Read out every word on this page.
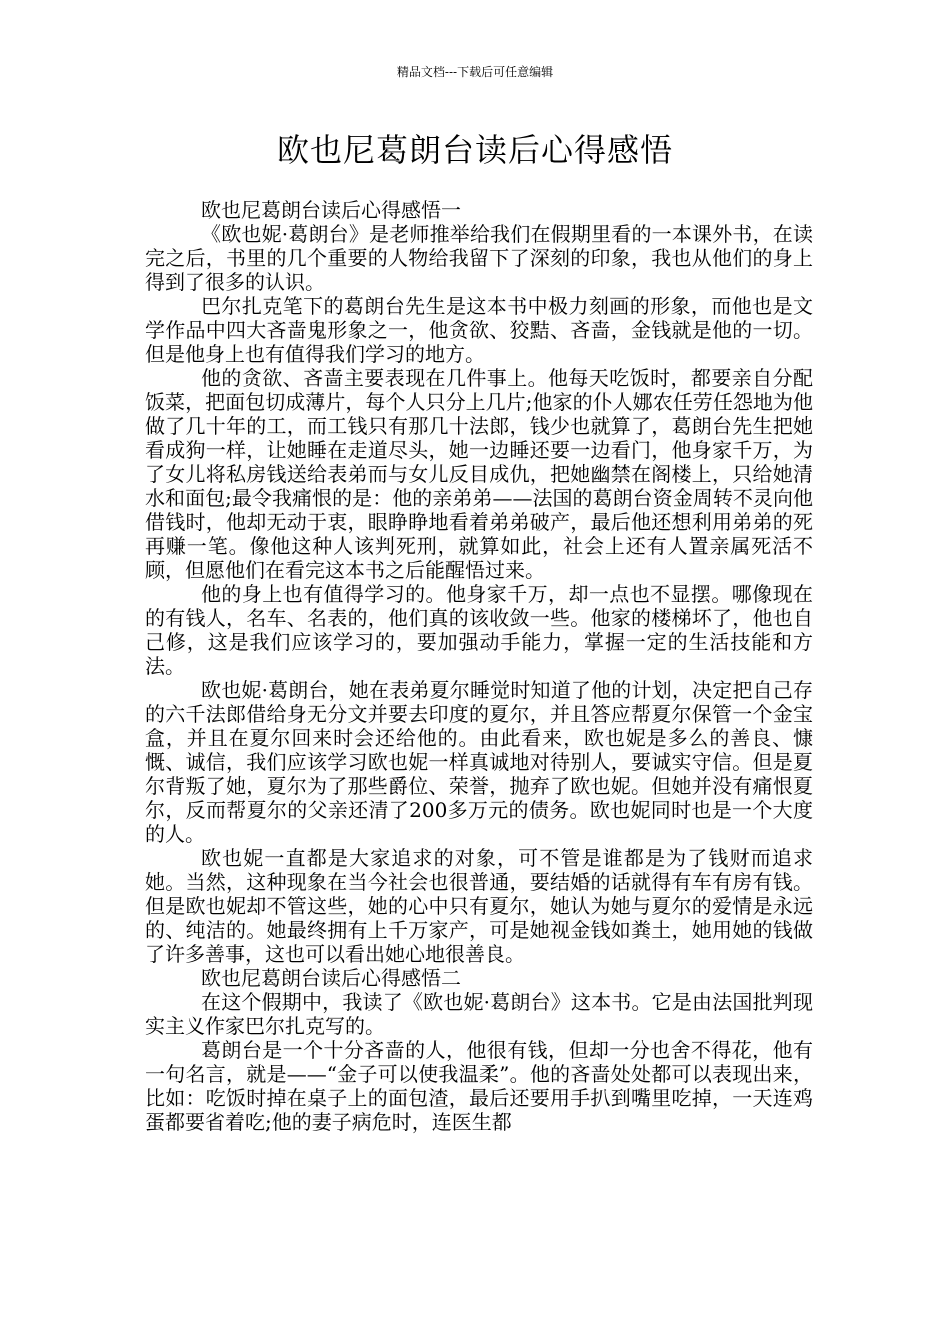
精品文档---下载后可任意编辑
欧也尼葛朗台读后心得感悟

欧也尼葛朗台读后心得感悟一

《欧也妮·葛朗台》是老师推举给我们在假期里看的一本课外书，在读完之后，书里的几个重要的人物给我留下了深刻的印象，我也从他们的身上得到了很多的认识。

巴尔扎克笔下的葛朗台先生是这本书中极力刻画的形象，而他也是文学作品中四大吝啬鬼形象之一，他贪欲、狡黠、吝啬，金钱就是他的一切。但是他身上也有值得我们学习的地方。

他的贪欲、吝啬主要表现在几件事上。他每天吃饭时，都要亲自分配饭菜，把面包切成薄片，每个人只分上几片;他家的仆人娜农任劳任怨地为他做了几十年的工，而工钱只有那几十法郎，钱少也就算了，葛朗台先生把她看成狗一样，让她睡在走道尽头，她一边睡还要一边看门，他身家千万，为了女儿将私房钱送给表弟而与女儿反目成仇，把她幽禁在阁楼上，只给她清水和面包;最令我痛恨的是：他的亲弟弟——法国的葛朗台资金周转不灵向他借钱时，他却无动于衷，眼睁睁地看着弟弟破产，最后他还想利用弟弟的死再赚一笔。像他这种人该判死刑，就算如此，社会上还有人置亲属死活不顾，但愿他们在看完这本书之后能醒悟过来。

他的身上也有值得学习的。他身家千万，却一点也不显摆。哪像现在的有钱人，名车、名表的，他们真的该收敛一些。他家的楼梯坏了，他也自己修，这是我们应该学习的，要加强动手能力，掌握一定的生活技能和方法。

欧也妮·葛朗台，她在表弟夏尔睡觉时知道了他的计划，决定把自己存的六千法郎借给身无分文并要去印度的夏尔，并且答应帮夏尔保管一个金宝盒，并且在夏尔回来时会还给他的。由此看来，欧也妮是多么的善良、慷慨、诚信，我们应该学习欧也妮一样真诚地对待别人，要诚实守信。但是夏尔背叛了她，夏尔为了那些爵位、荣誉，抛弃了欧也妮。但她并没有痛恨夏尔，反而帮夏尔的父亲还清了200多万元的债务。欧也妮同时也是一个大度的人。

欧也妮一直都是大家追求的对象，可不管是谁都是为了钱财而追求她。当然，这种现象在当今社会也很普通，要结婚的话就得有车有房有钱。但是欧也妮却不管这些，她的心中只有夏尔，她认为她与夏尔的爱情是永远的、纯洁的。她最终拥有上千万家产，可是她视金钱如粪土，她用她的钱做了许多善事，这也可以看出她心地很善良。

欧也尼葛朗台读后心得感悟二

在这个假期中，我读了《欧也妮·葛朗台》这本书。它是由法国批判现实主义作家巴尔扎克写的。

葛朗台是一个十分吝啬的人，他很有钱，但却一分也舍不得花，他有一句名言，就是——“金子可以使我温柔”。他的吝啬处处都可以表现出来，比如：吃饭时掉在桌子上的面包渣，最后还要用手扒到嘴里吃掉，一天连鸡蛋都要省着吃;他的妻子病危时，连医生都
